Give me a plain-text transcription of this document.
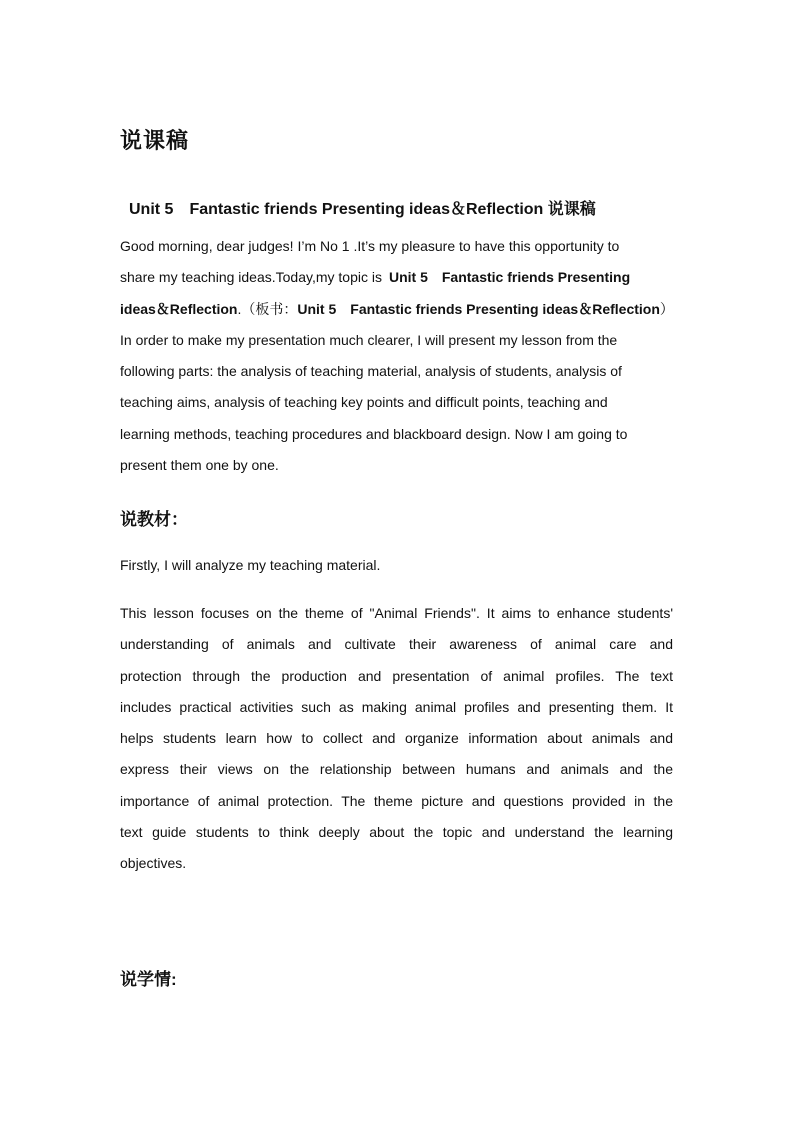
说课稿
Unit 5　Fantastic friends Presenting ideas＆Reflection 说课稿
Good morning, dear judges! I’m No 1 .It’s my pleasure to have this opportunity to
share my teaching ideas.Today,my topic is Unit 5　Fantastic friends Presenting
ideas＆Reflection.（板书：Unit 5　Fantastic friends Presenting ideas＆Reflection）
In order to make my presentation much clearer, I will present my lesson from the
following parts: the analysis of teaching material, analysis of students, analysis of
teaching aims, analysis of teaching key points and difficult points, teaching and
learning methods, teaching procedures and blackboard design. Now I am going to
present them one by one.
说教材：

Firstly, I will analyze my teaching material.

This lesson focuses on the theme of "Animal Friends". It aims to enhance students'
understanding of animals and cultivate their awareness of animal care and
protection through the production and presentation of animal profiles. The text
includes practical activities such as making animal profiles and presenting them. It
helps students learn how to collect and organize information about animals and
express their views on the relationship between humans and animals and the
importance of animal protection. The theme picture and questions provided in the
text guide students to think deeply about the topic and understand the learning
objectives.
说学情:
